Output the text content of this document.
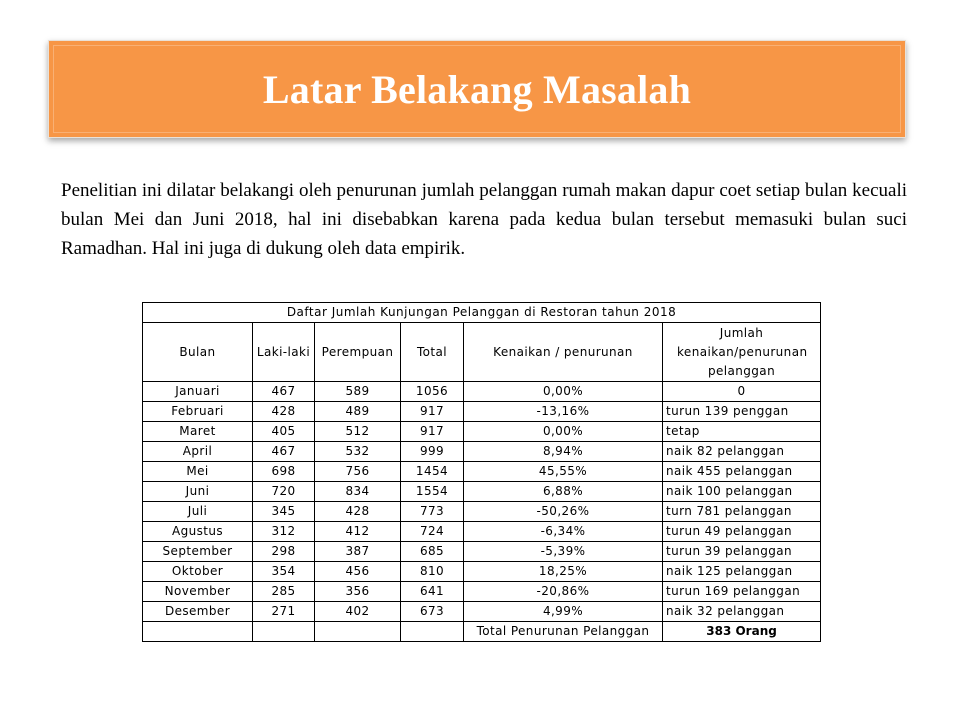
Latar Belakang Masalah
Penelitian ini dilatar belakangi oleh penurunan jumlah pelanggan rumah makan dapur coet setiap bulan kecuali bulan Mei dan Juni 2018, hal ini disebabkan karena pada kedua bulan tersebut memasuki bulan suci Ramadhan. Hal ini juga di dukung oleh data empirik.
Daftar Jumlah Kunjungan Pelanggan di Restoran tahun 2018					
Bulan	Laki-laki	Perempuan	Total	Kenaikan / penurunan	Jumlah kenaikan/penurunan pelanggan
Januari	467	589	1056	0,00%	0
Februari	428	489	917	-13,16%	turun 139 penggan
Maret	405	512	917	0,00%	tetap
April	467	532	999	8,94%	naik 82 pelanggan
Mei	698	756	1454	45,55%	naik 455 pelanggan
Juni	720	834	1554	6,88%	naik 100 pelanggan
Juli	345	428	773	-50,26%	turn 781 pelanggan
Agustus	312	412	724	-6,34%	turun 49 pelanggan
September	298	387	685	-5,39%	turun 39 pelanggan
Oktober	354	456	810	18,25%	naik 125 pelanggan
November	285	356	641	-20,86%	turun 169 pelanggan
Desember	271	402	673	4,99%	naik 32 pelanggan
				Total Penurunan Pelanggan	383 Orang
